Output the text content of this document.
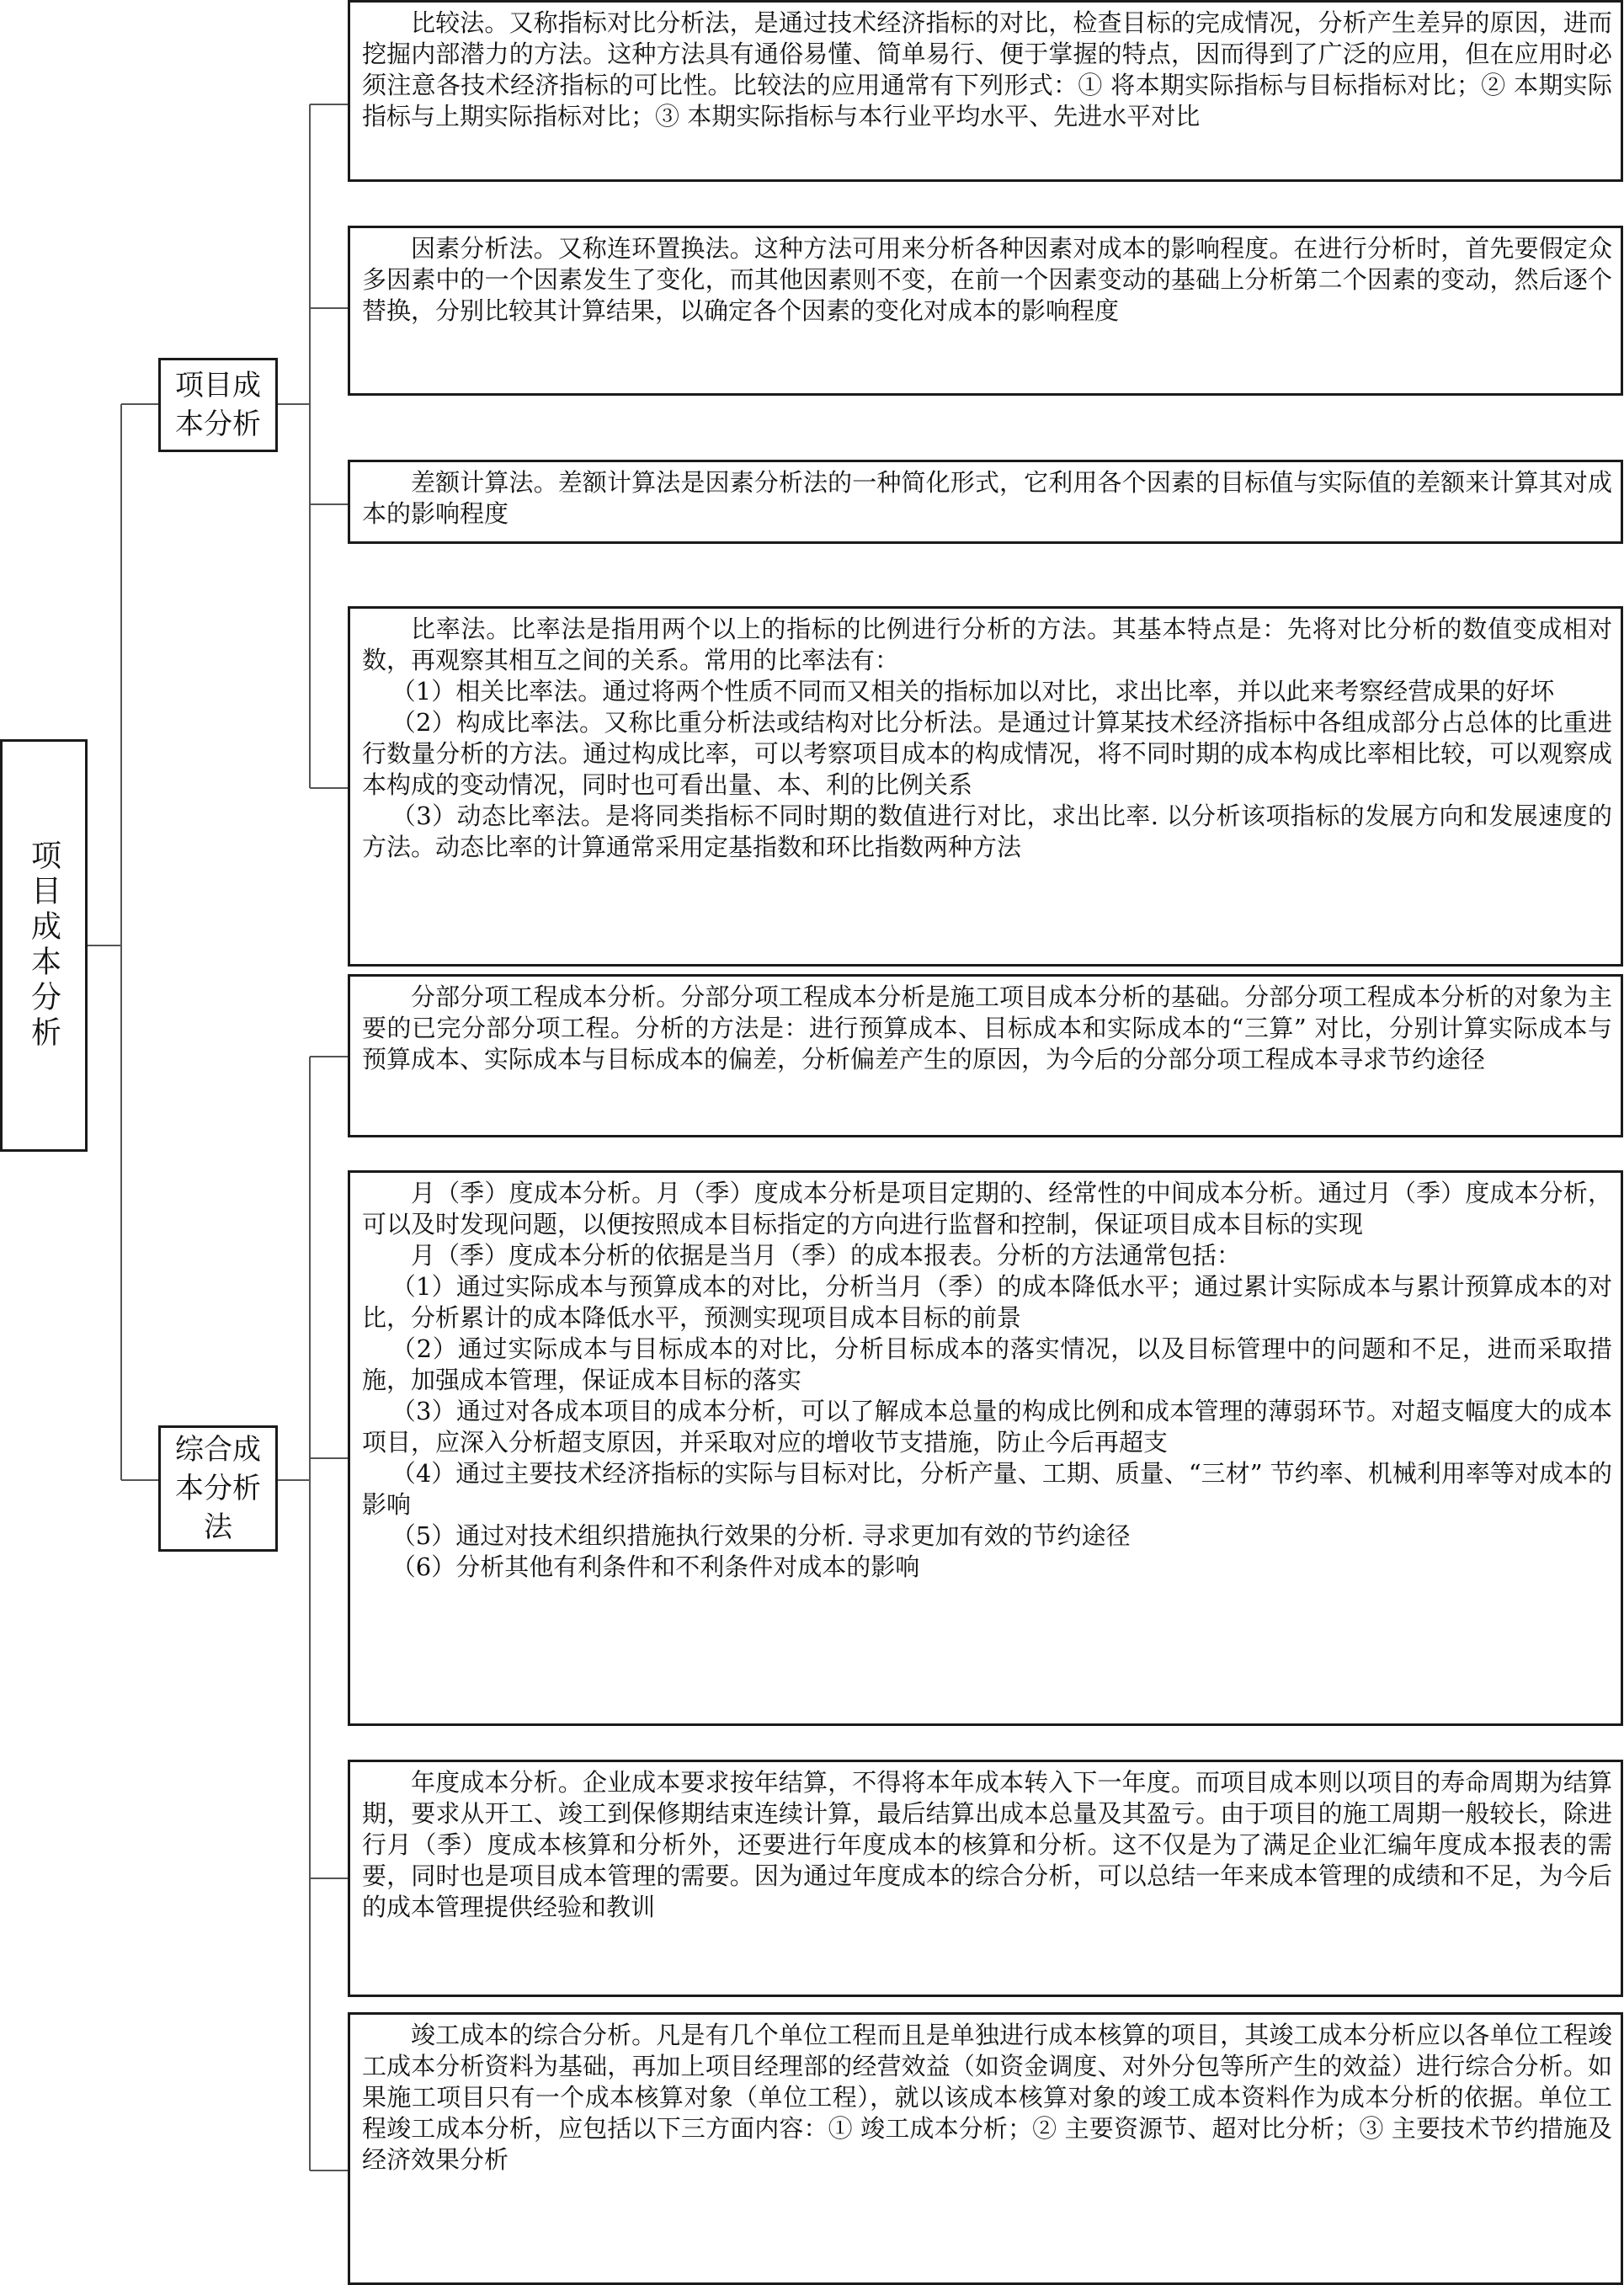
项目成本分析
项目成本分析
综合成本分析法

比较法。又称指标对比分析法，是通过技术经济指标的对比，检查目标的完成情况，分析产生差异的原因，进而挖掘内部潜力的方法。这种方法具有通俗易懂、简单易行、便于掌握的特点，因而得到了广泛的应用，但在应用时必须注意各技术经济指标的可比性。比较法的应用通常有下列形式：① 将本期实际指标与目标指标对比；② 本期实际指标与上期实际指标对比；③ 本期实际指标与本行业平均水平、先进水平对比

因素分析法。又称连环置换法。这种方法可用来分析各种因素对成本的影响程度。在进行分析时，首先要假定众多因素中的一个因素发生了变化，而其他因素则不变，在前一个因素变动的基础上分析第二个因素的变动，然后逐个替换，分别比较其计算结果，以确定各个因素的变化对成本的影响程度

差额计算法。差额计算法是因素分析法的一种简化形式，它利用各个因素的目标值与实际值的差额来计算其对成本的影响程度

比率法。比率法是指用两个以上的指标的比例进行分析的方法。其基本特点是：先将对比分析的数值变成相对数，再观察其相互之间的关系。常用的比率法有：

（1）相关比率法。通过将两个性质不同而又相关的指标加以对比，求出比率，并以此来考察经营成果的好坏

（2）构成比率法。又称比重分析法或结构对比分析法。是通过计算某技术经济指标中各组成部分占总体的比重进行数量分析的方法。通过构成比率，可以考察项目成本的构成情况，将不同时期的成本构成比率相比较，可以观察成本构成的变动情况，同时也可看出量、本、利的比例关系

（3）动态比率法。是将同类指标不同时期的数值进行对比，求出比率. 以分析该项指标的发展方向和发展速度的方法。动态比率的计算通常采用定基指数和环比指数两种方法

分部分项工程成本分析。分部分项工程成本分析是施工项目成本分析的基础。分部分项工程成本分析的对象为主要的已完分部分项工程。分析的方法是：进行预算成本、目标成本和实际成本的“三算” 对比，分别计算实际成本与预算成本、实际成本与目标成本的偏差，分析偏差产生的原因，为今后的分部分项工程成本寻求节约途径

月（季）度成本分析。月（季）度成本分析是项目定期的、经常性的中间成本分析。通过月（季）度成本分析，可以及时发现问题，以便按照成本目标指定的方向进行监督和控制，保证项目成本目标的实现

月（季）度成本分析的依据是当月（季）的成本报表。分析的方法通常包括：

（1）通过实际成本与预算成本的对比，分析当月（季）的成本降低水平；通过累计实际成本与累计预算成本的对比，分析累计的成本降低水平，预测实现项目成本目标的前景

（2）通过实际成本与目标成本的对比，分析目标成本的落实情况，以及目标管理中的问题和不足，进而采取措施，加强成本管理，保证成本目标的落实

（3）通过对各成本项目的成本分析，可以了解成本总量的构成比例和成本管理的薄弱环节。对超支幅度大的成本项目，应深入分析超支原因，并采取对应的增收节支措施，防止今后再超支

（4）通过主要技术经济指标的实际与目标对比，分析产量、工期、质量、“三材” 节约率、机械利用率等对成本的影响

（5）通过对技术组织措施执行效果的分析. 寻求更加有效的节约途径

（6）分析其他有利条件和不利条件对成本的影响

年度成本分析。企业成本要求按年结算，不得将本年成本转入下一年度。而项目成本则以项目的寿命周期为结算期，要求从开工、竣工到保修期结束连续计算，最后结算出成本总量及其盈亏。由于项目的施工周期一般较长，除进行月（季）度成本核算和分析外，还要进行年度成本的核算和分析。这不仅是为了满足企业汇编年度成本报表的需要，同时也是项目成本管理的需要。因为通过年度成本的综合分析，可以总结一年来成本管理的成绩和不足，为今后的成本管理提供经验和教训

竣工成本的综合分析。凡是有几个单位工程而且是单独进行成本核算的项目，其竣工成本分析应以各单位工程竣工成本分析资料为基础，再加上项目经理部的经营效益（如资金调度、对外分包等所产生的效益）进行综合分析。如果施工项目只有一个成本核算对象（单位工程），就以该成本核算对象的竣工成本资料作为成本分析的依据。单位工程竣工成本分析，应包括以下三方面内容：① 竣工成本分析；② 主要资源节、超对比分析；③ 主要技术节约措施及经济效果分析
